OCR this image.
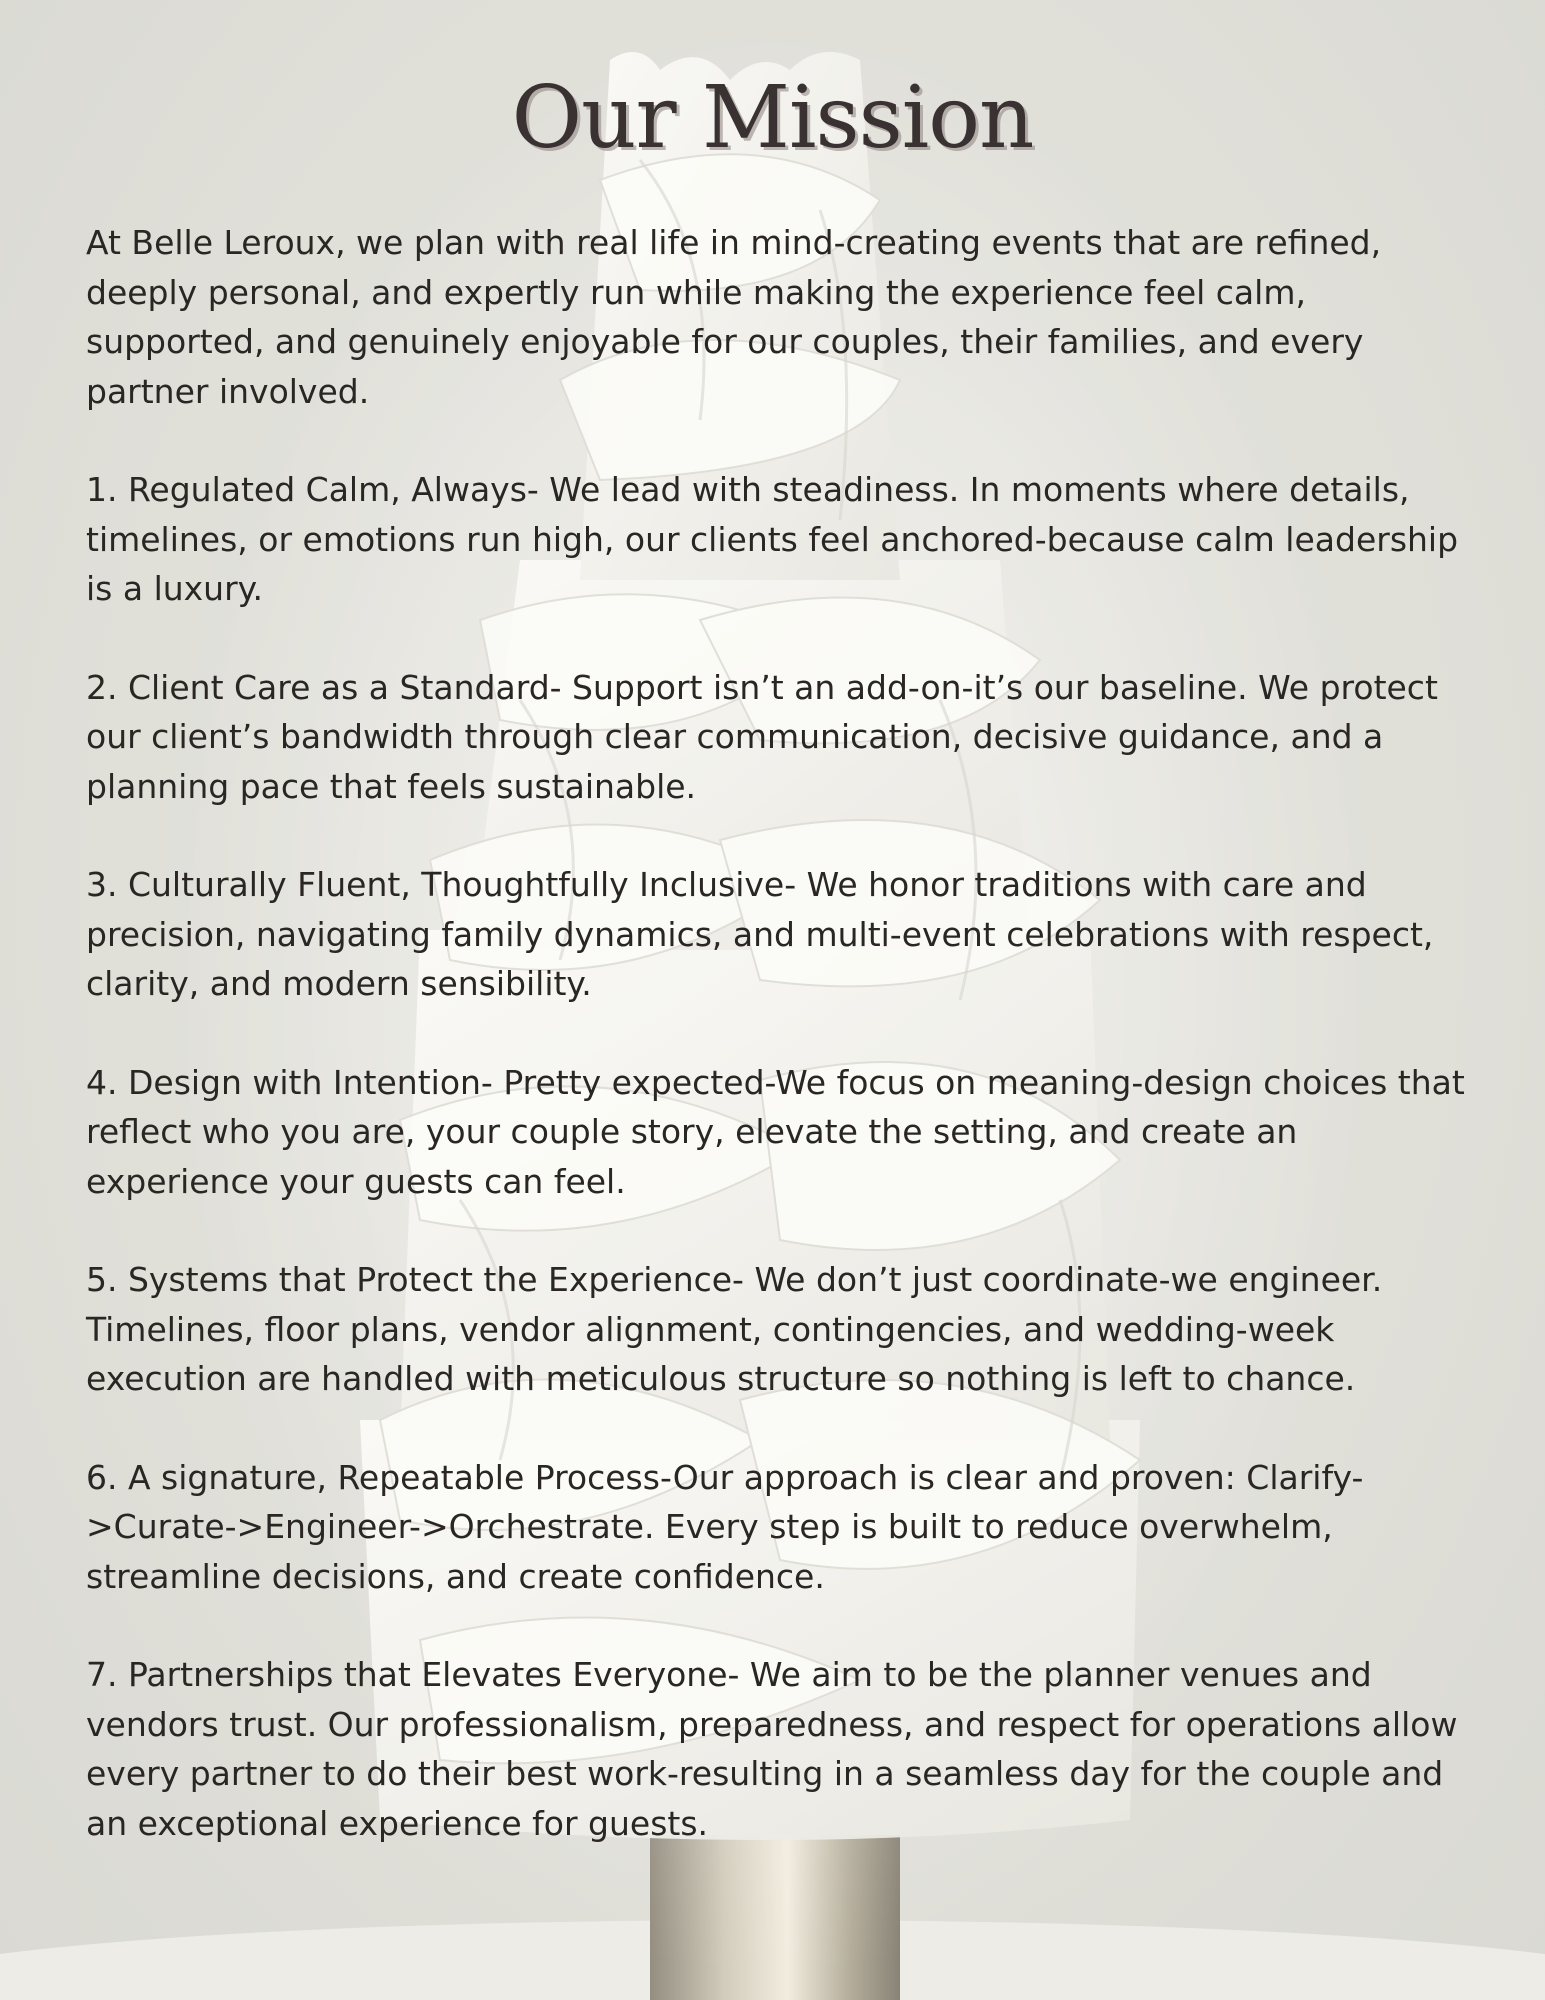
Our Mission

At Belle Leroux, we plan with real life in mind-creating events that are refined, deeply personal, and expertly run while making the experience feel calm, supported, and genuinely enjoyable for our couples, their families, and every partner involved.

1. Regulated Calm, Always- We lead with steadiness. In moments where details, timelines, or emotions run high, our clients feel anchored-because calm leadership is a luxury.

2. Client Care as a Standard- Support isn’t an add-on-it’s our baseline. We protect our client’s bandwidth through clear communication, decisive guidance, and a planning pace that feels sustainable.

3. Culturally Fluent, Thoughtfully Inclusive- We honor traditions with care and precision, navigating family dynamics, and multi-event celebrations with respect, clarity, and modern sensibility.

4. Design with Intention- Pretty expected-We focus on meaning-design choices that reflect who you are, your couple story, elevate the setting, and create an experience your guests can feel.

5. Systems that Protect the Experience- We don’t just coordinate-we engineer. Timelines, floor plans, vendor alignment, contingencies, and wedding-week execution are handled with meticulous structure so nothing is left to chance.

6. A signature, Repeatable Process-Our approach is clear and proven: Clarify->Curate->Engineer->Orchestrate. Every step is built to reduce overwhelm, streamline decisions, and create confidence.

7. Partnerships that Elevates Everyone- We aim to be the planner venues and vendors trust. Our professionalism, preparedness, and respect for operations allow every partner to do their best work-resulting in a seamless day for the couple and an exceptional experience for guests.
